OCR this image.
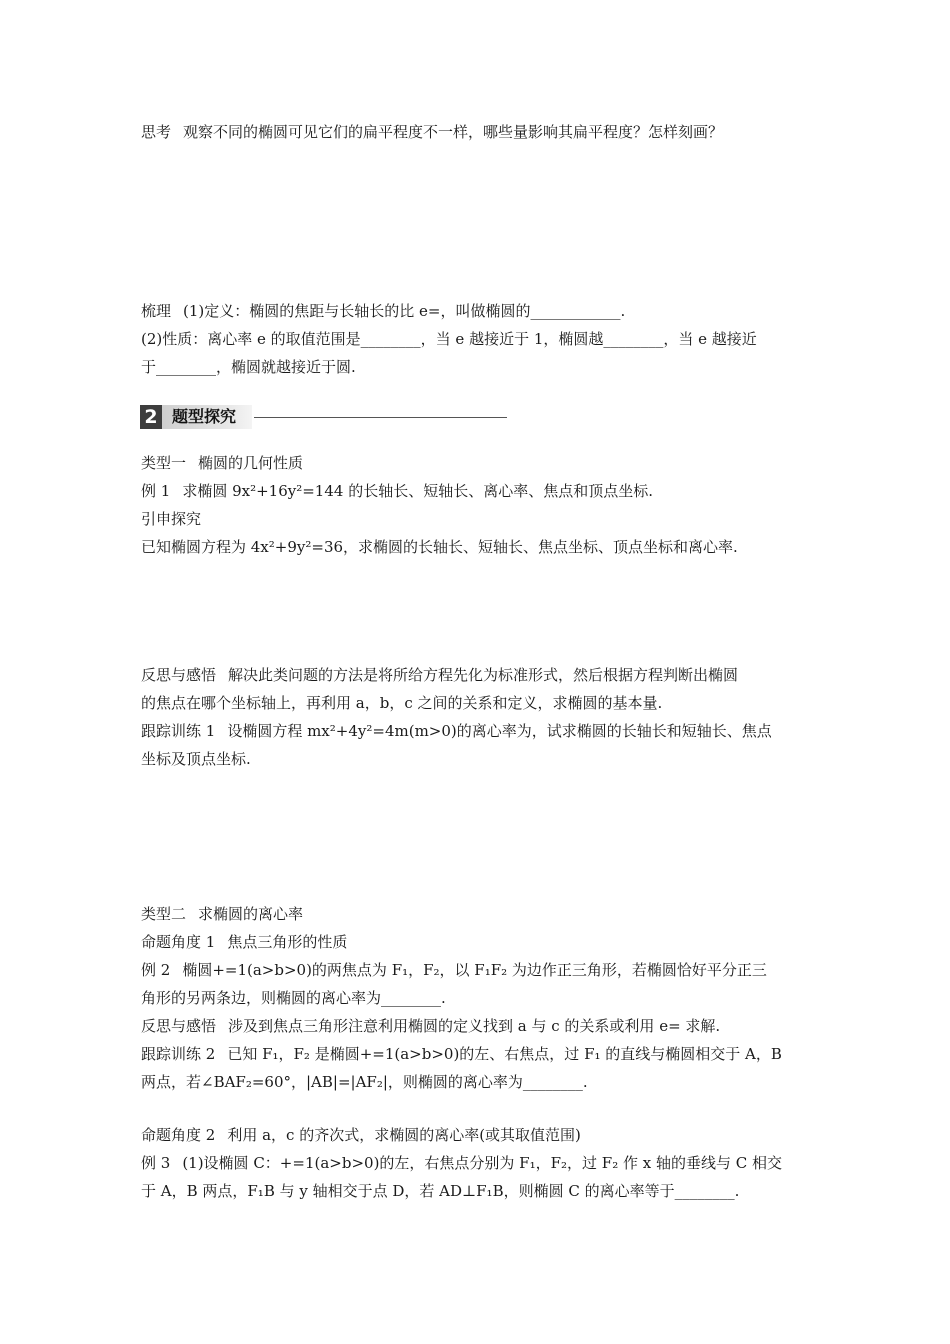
思考 观察不同的椭圆可见它们的扁平程度不一样，哪些量影响其扁平程度？怎样刻画？
梳理 (1)定义：椭圆的焦距与长轴长的比 e=，叫做椭圆的____________.
(2)性质：离心率 e 的取值范围是________，当 e 越接近于 1，椭圆越________，当 e 越接近
于________，椭圆就越接近于圆.
类型一 椭圆的几何性质
例 1 求椭圆 9x²+16y²=144 的长轴长、短轴长、离心率、焦点和顶点坐标.
引申探究
已知椭圆方程为 4x²+9y²=36，求椭圆的长轴长、短轴长、焦点坐标、顶点坐标和离心率.
反思与感悟 解决此类问题的方法是将所给方程先化为标准形式，然后根据方程判断出椭圆
的焦点在哪个坐标轴上，再利用 a，b，c 之间的关系和定义，求椭圆的基本量.
跟踪训练 1 设椭圆方程 mx²+4y²=4m(m>0)的离心率为，试求椭圆的长轴长和短轴长、焦点
坐标及顶点坐标.
类型二 求椭圆的离心率
命题角度 1 焦点三角形的性质
例 2 椭圆+=1(a>b>0)的两焦点为 F₁，F₂，以 F₁F₂ 为边作正三角形，若椭圆恰好平分正三
角形的另两条边，则椭圆的离心率为________.
反思与感悟 涉及到焦点三角形注意利用椭圆的定义找到 a 与 c 的关系或利用 e= 求解.
跟踪训练 2 已知 F₁，F₂ 是椭圆+=1(a>b>0)的左、右焦点，过 F₁ 的直线与椭圆相交于 A，B
两点，若∠BAF₂=60°，|AB|=|AF₂|，则椭圆的离心率为________.
命题角度 2 利用 a，c 的齐次式，求椭圆的离心率(或其取值范围)
例 3 (1)设椭圆 C：+=1(a>b>0)的左，右焦点分别为 F₁，F₂，过 F₂ 作 x 轴的垂线与 C 相交
于 A，B 两点，F₁B 与 y 轴相交于点 D，若 AD⊥F₁B，则椭圆 C 的离心率等于________.
2 题型探究
